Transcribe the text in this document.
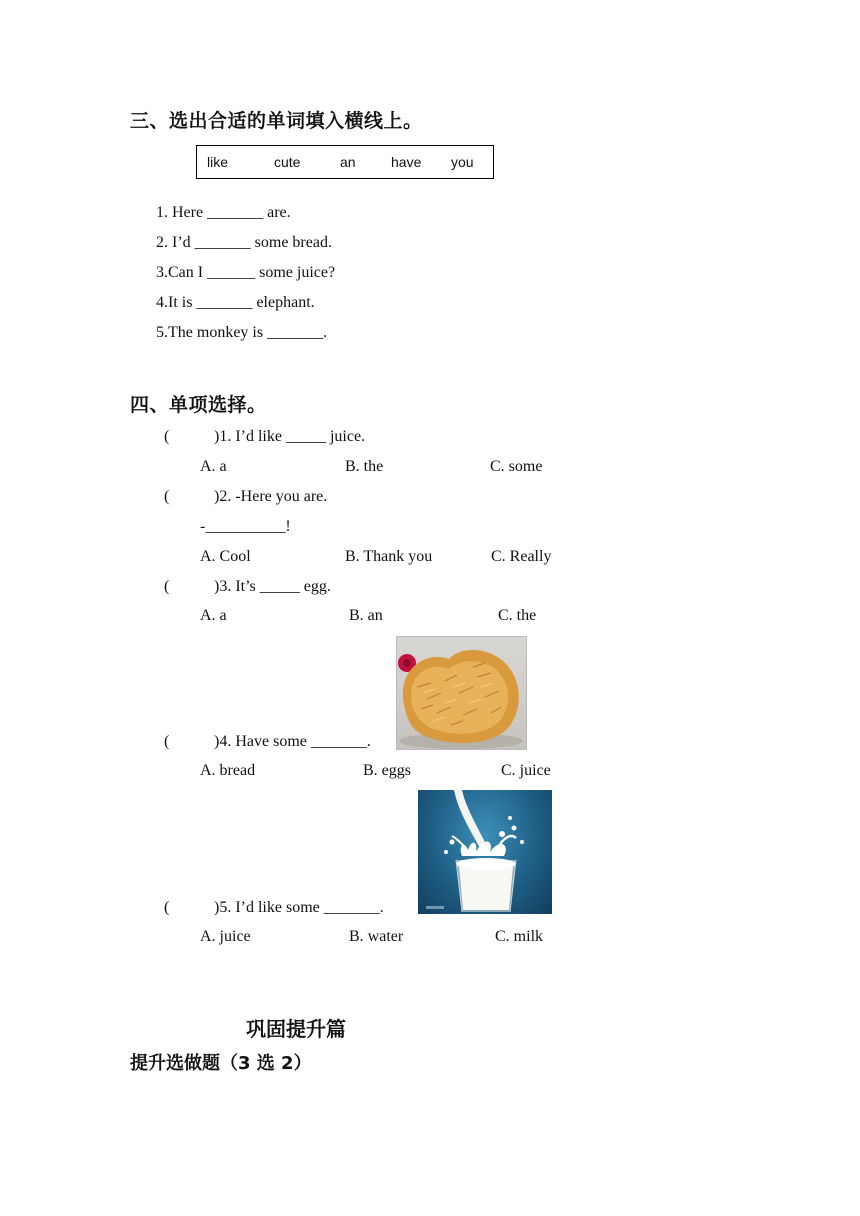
三、选出合适的单词填入横线上。
like	cute	an	have you
1. Here _______ are.
2. I’d _______ some bread.
3.Can I ______ some juice?
4.It is _______ elephant.
5.The monkey is _______.
四、单项选择。
(	)1. I’d like _____ juice.
A. a	B. the	C. some
(	)2. -Here you are.
-__________!
A. Cool	B. Thank you	C. Really
(	)3. It’s _____ egg.
A. a	B. an	C. the
(	)4. Have some _______.
A. bread	B. eggs	C. juice
(	)5. I’d like some _______.
A. juice	B. water	C. milk
巩固提升篇
提升选做题（3 选 2）
